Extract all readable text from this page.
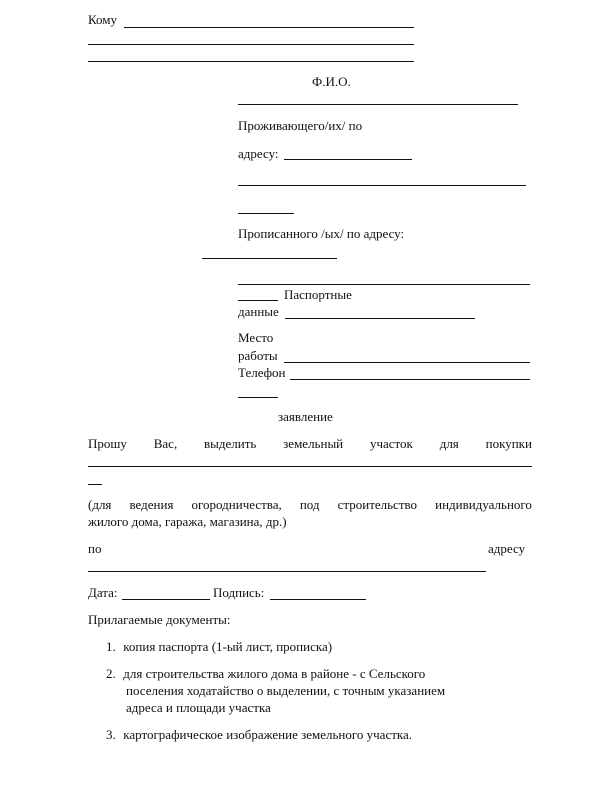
Кому
Ф.И.О.
Проживающего/их/ по
адресу:
Прописанного /ых/ по адресу:
Паспортные
данные
Место
работы
Телефон
заявление
Прошу Вас, выделить земельный участок для покупки
(для ведения огородничества, под строительство индивидуального
жилого дома, гаража, магазина, др.)
по	адресу
Дата:	Подпись:
Прилагаемые документы:
1. копия паспорта (1-ый лист, прописка)
2. для строительства жилого дома в районе - с Сельского
поселения ходатайство о выделении, с точным указанием
адреса и площади участка
3. картографическое изображение земельного участка.
